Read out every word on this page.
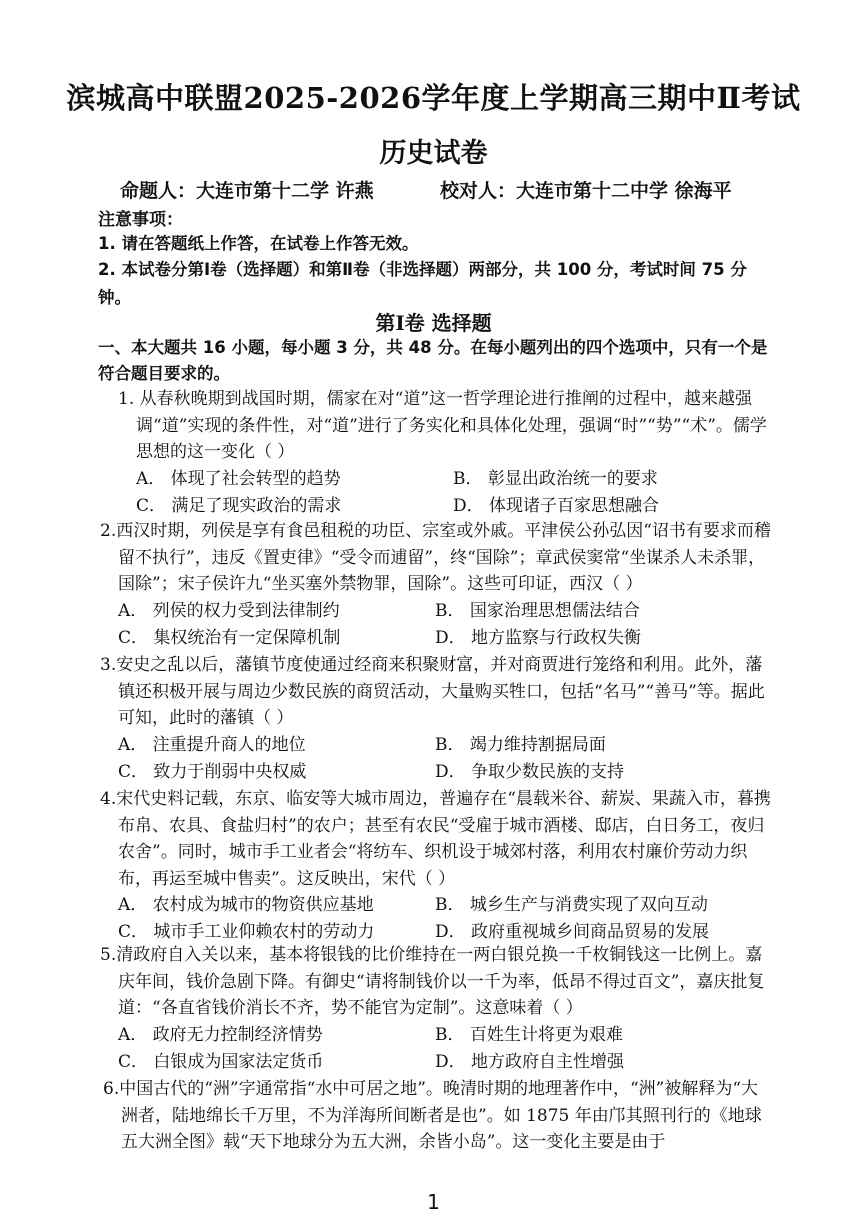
滨城高中联盟2025-2026学年度上学期高三期中Ⅱ考试
历史试卷
命题人：大连市第十二学 许燕	校对人：大连市第十二中学 徐海平
注意事项：
1. 请在答题纸上作答，在试卷上作答无效。
2. 本试卷分第Ⅰ卷（选择题）和第Ⅱ卷（非选择题）两部分，共 100 分，考试时间 75 分钟。
第Ⅰ卷 选择题
一、本大题共 16 小题，每小题 3 分，共 48 分。在每小题列出的四个选项中，只有一个是符合题目要求的。
1. 从春秋晚期到战国时期，儒家在对“道”这一哲学理论进行推阐的过程中，越来越强调“道”实现的条件性，对“道”进行了务实化和具体化处理，强调“时”“势”“术”。儒学思想的这一变化（ ）
A． 体现了社会转型的趋势	B． 彰显出政治统一的要求
C． 满足了现实政治的需求	D． 体现诸子百家思想融合
2.西汉时期，列侯是享有食邑租税的功臣、宗室或外戚。平津侯公孙弘因“诏书有要求而稽留不执行”，违反《置吏律》“受令而逋留”，终“国除”；章武侯窦常“坐谋杀人未杀罪，国除”；宋子侯许九“坐买塞外禁物罪，国除”。这些可印证，西汉（ ）
A． 列侯的权力受到法律制约	B． 国家治理思想儒法结合
C． 集权统治有一定保障机制	D． 地方监察与行政权失衡
3.安史之乱以后，藩镇节度使通过经商来积聚财富，并对商贾进行笼络和利用。此外，藩镇还积极开展与周边少数民族的商贸活动，大量购买牲口，包括“名马”“善马”等。据此可知，此时的藩镇（ ）
A． 注重提升商人的地位	B． 竭力维持割据局面
C． 致力于削弱中央权威	D． 争取少数民族的支持
4.宋代史料记载，东京、临安等大城市周边，普遍存在“晨载米谷、薪炭、果蔬入市，暮携布帛、农具、食盐归村”的农户；甚至有农民“受雇于城市酒楼、邸店，白日务工，夜归农舍”。同时，城市手工业者会“将纺车、织机设于城郊村落，利用农村廉价劳动力织布，再运至城中售卖”。这反映出，宋代（ ）
A． 农村成为城市的物资供应基地	B． 城乡生产与消费实现了双向互动
C． 城市手工业仰赖农村的劳动力	D． 政府重视城乡间商品贸易的发展
5.清政府自入关以来，基本将银钱的比价维持在一两白银兑换一千枚铜钱这一比例上。嘉庆年间，钱价急剧下降。有御史“请将制钱价以一千为率，低昂不得过百文”，嘉庆批复道：“各直省钱价消长不齐，势不能官为定制”。这意味着（ ）
A． 政府无力控制经济情势	B． 百姓生计将更为艰难
C． 白银成为国家法定货币	D． 地方政府自主性增强
6.中国古代的“洲”字通常指“水中可居之地”。晚清时期的地理著作中，“洲”被解释为“大洲者，陆地绵长千万里，不为洋海所间断者是也”。如 1875 年由邝其照刊行的《地球五大洲全图》载“天下地球分为五大洲，余皆小岛”。这一变化主要是由于
1
